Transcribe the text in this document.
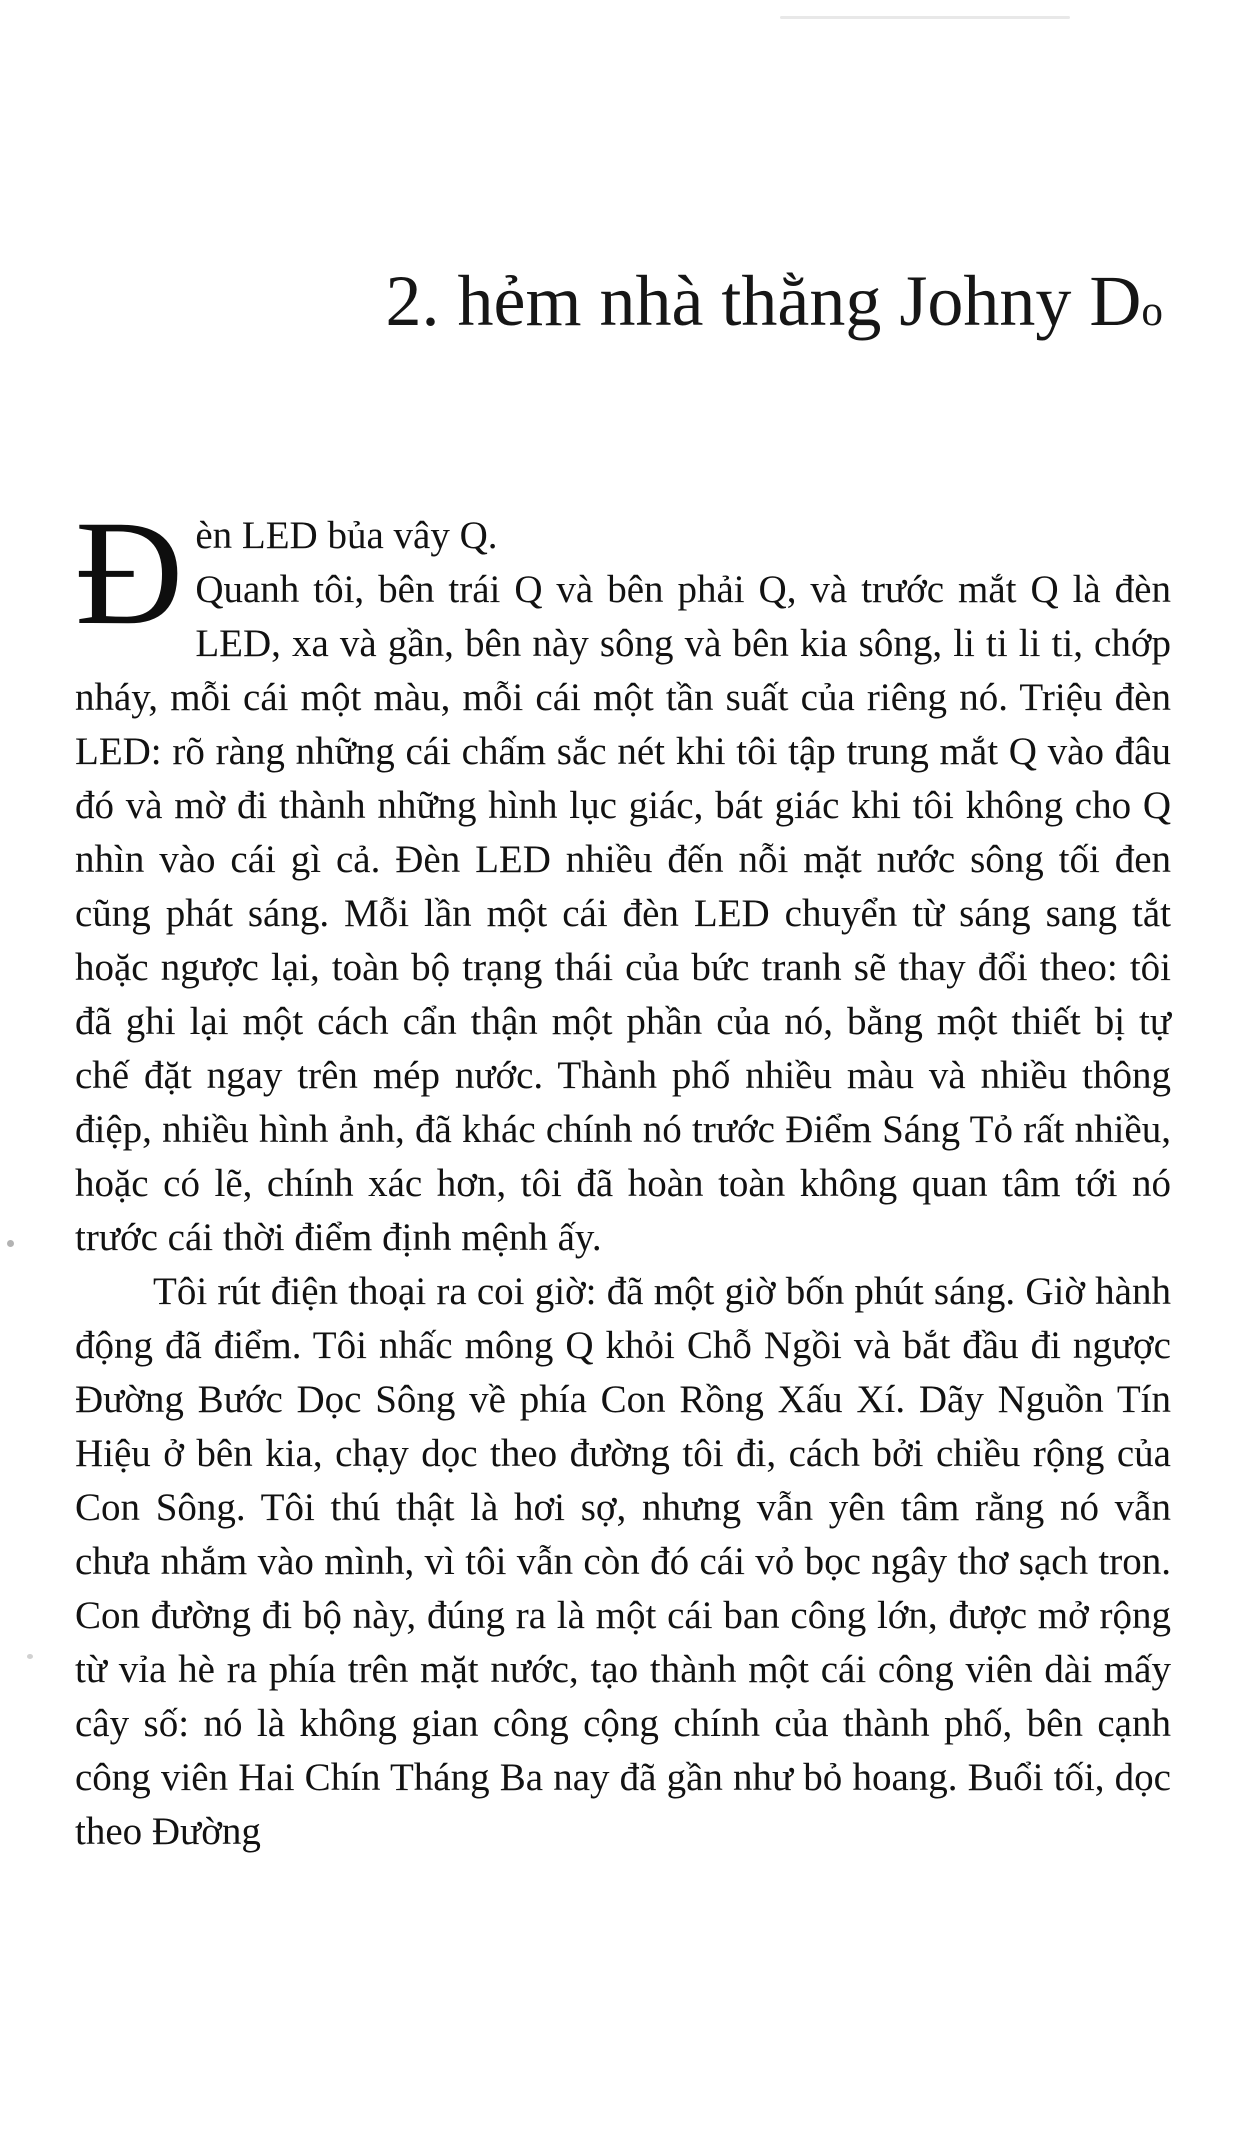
2. hẻm nhà thằng Johny Do
Đ èn LED bủa vây Q.
Quanh tôi, bên trái Q và bên phải Q, và trước mắt Q là đèn LED, xa và gần, bên này sông và bên kia sông, li ti li ti, chớp nháy, mỗi cái một màu, mỗi cái một tần suất của riêng nó. Triệu đèn LED: rõ ràng những cái chấm sắc nét khi tôi tập trung mắt Q vào đâu đó và mờ đi thành những hình lục giác, bát giác khi tôi không cho Q nhìn vào cái gì cả. Đèn LED nhiều đến nỗi mặt nước sông tối đen cũng phát sáng. Mỗi lần một cái đèn LED chuyển từ sáng sang tắt hoặc ngược lại, toàn bộ trạng thái của bức tranh sẽ thay đổi theo: tôi đã ghi lại một cách cẩn thận một phần của nó, bằng một thiết bị tự chế đặt ngay trên mép nước. Thành phố nhiều màu và nhiều thông điệp, nhiều hình ảnh, đã khác chính nó trước Điểm Sáng Tỏ rất nhiều, hoặc có lẽ, chính xác hơn, tôi đã hoàn toàn không quan tâm tới nó trước cái thời điểm định mệnh ấy.
Tôi rút điện thoại ra coi giờ: đã một giờ bốn phút sáng. Giờ hành động đã điểm. Tôi nhấc mông Q khỏi Chỗ Ngồi và bắt đầu đi ngược Đường Bước Dọc Sông về phía Con Rồng Xấu Xí. Dãy Nguồn Tín Hiệu ở bên kia, chạy dọc theo đường tôi đi, cách bởi chiều rộng của Con Sông. Tôi thú thật là hơi sợ, nhưng vẫn yên tâm rằng nó vẫn chưa nhắm vào mình, vì tôi vẫn còn đó cái vỏ bọc ngây thơ sạch tron. Con đường đi bộ này, đúng ra là một cái ban công lớn, được mở rộng từ vỉa hè ra phía trên mặt nước, tạo thành một cái công viên dài mấy cây số: nó là không gian công cộng chính của thành phố, bên cạnh công viên Hai Chín Tháng Ba nay đã gần như bỏ hoang. Buổi tối, dọc theo Đường
